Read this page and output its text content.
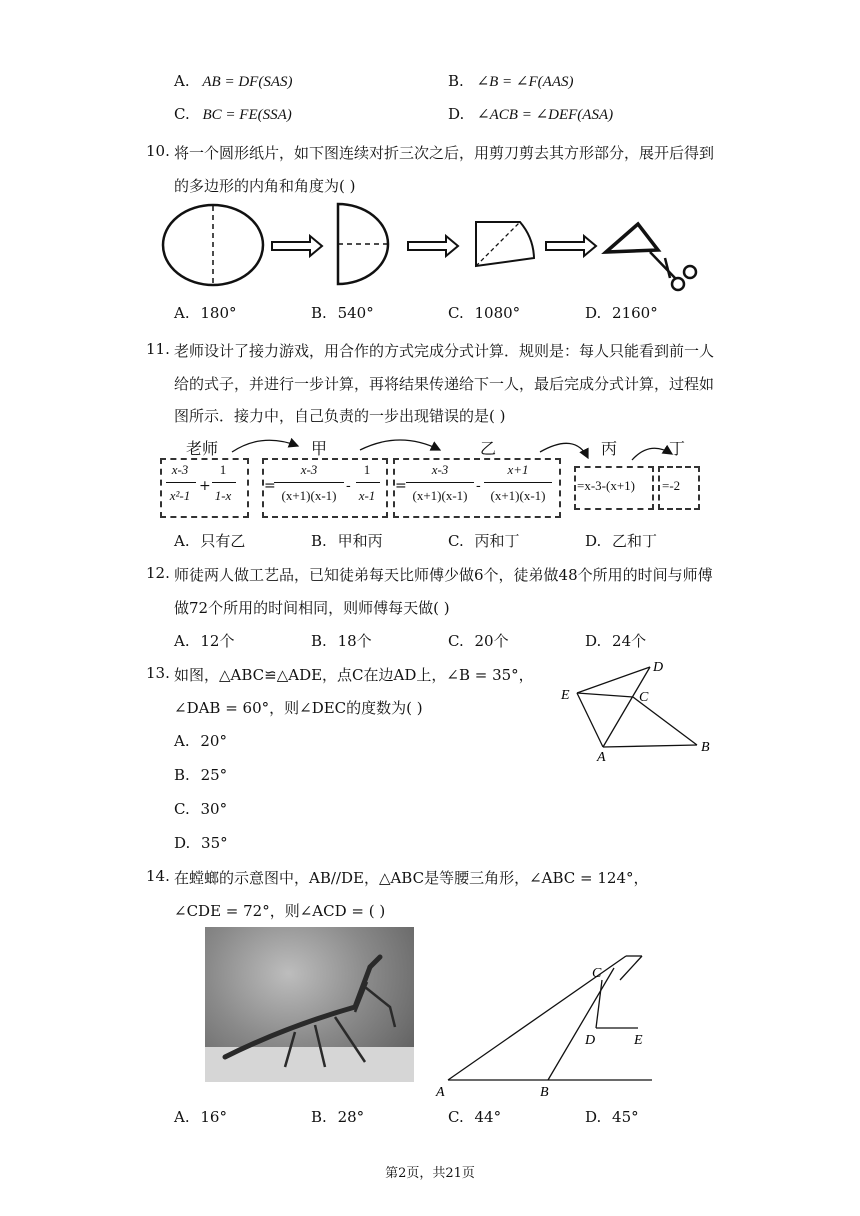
A. AB = DF(SAS)	B. ∠B = ∠F(AAS)
C. BC = FE(SSA)	D. ∠ACB = ∠DEF(ASA)
10. 将一个圆形纸片，如下图连续对折三次之后，用剪刀剪去其方形部分，展开后得到
的多边形的内角和角度为( )
A. 180°	B. 540°	C. 1080°	D. 2160°
11. 老师设计了接力游戏，用合作的方式完成分式计算．规则是：每人只能看到前一人
给的式子，并进行一步计算，再将结果传递给下一人，最后完成分式计算，过程如
图所示．接力中，自己负责的一步出现错误的是( )
老师	甲	乙	丙	丁
x-3
x²-1
+
1
1-x
=
x-3
(x+1)(x-1)
-
1
x-1
=
x-3
(x+1)(x-1)
-
x+1
(x+1)(x-1)
=x-3-(x+1) =-2
A. 只有乙	B. 甲和丙	C. 丙和丁	D. 乙和丁
12. 师徒两人做工艺品，已知徒弟每天比师傅少做6个，徒弟做48个所用的时间与师傅
做72个所用的时间相同，则师傅每天做( )
A. 12个	B. 18个	C. 20个	D. 24个
13. 如图，△ABC≌△ADE，点C在边AD上，∠B = 35°，
∠DAB = 60°，则∠DEC的度数为( )
A. 20°
B. 25°
C. 30°
D. 35°
D
E	C
A
B
14. 在螳螂的示意图中，AB//DE，△ABC是等腰三角形，∠ABC = 124°，
∠CDE = 72°，则∠ACD = ( )
C
D	E
A	B
A. 16°	B. 28°	C. 44°	D. 45°
第2页，共21页
